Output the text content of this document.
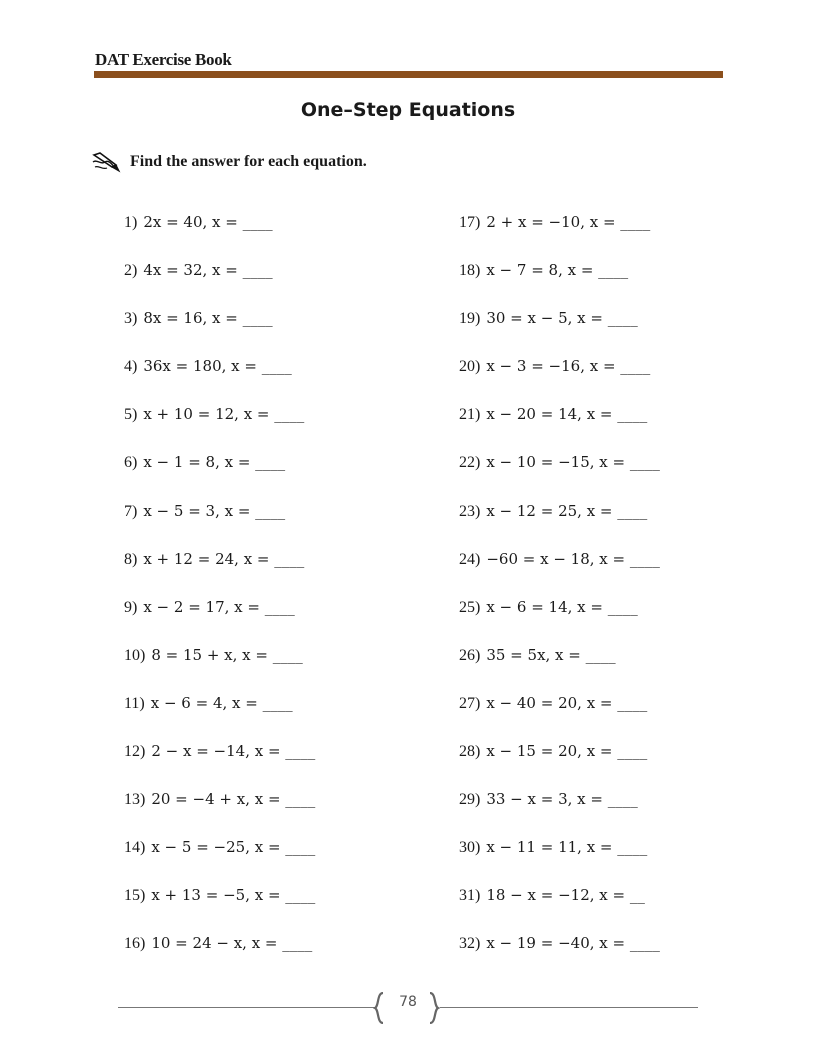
DAT Exercise Book
One–Step Equations
Find the answer for each equation.
1) 2x = 40, x = ____
2) 4x = 32, x = ____
3) 8x = 16, x = ____
4) 36x = 180, x = ____
5) x + 10 = 12, x = ____
6) x − 1 = 8, x = ____
7) x − 5 = 3, x = ____
8) x + 12 = 24, x = ____
9) x − 2 = 17, x = ____
10) 8 = 15 + x, x = ____
11) x − 6 = 4, x = ____
12) 2 − x = −14, x = ____
13) 20 = −4 + x, x = ____
14) x − 5 = −25, x = ____
15) x + 13 = −5, x = ____
16) 10 = 24 − x, x = ____
17) 2 + x = −10, x = ____
18) x − 7 = 8, x = ____
19) 30 = x − 5, x = ____
20) x − 3 = −16, x = ____
21) x − 20 = 14, x = ____
22) x − 10 = −15, x = ____
23) x − 12 = 25, x = ____
24) −60 = x − 18, x = ____
25) x − 6 = 14, x = ____
26) 35 = 5x, x = ____
27) x − 40 = 20, x = ____
28) x − 15 = 20, x = ____
29) 33 − x = 3, x = ____
30) x − 11 = 11, x = ____
31) 18 − x = −12, x = __
32) x − 19 = −40, x = ____
78
